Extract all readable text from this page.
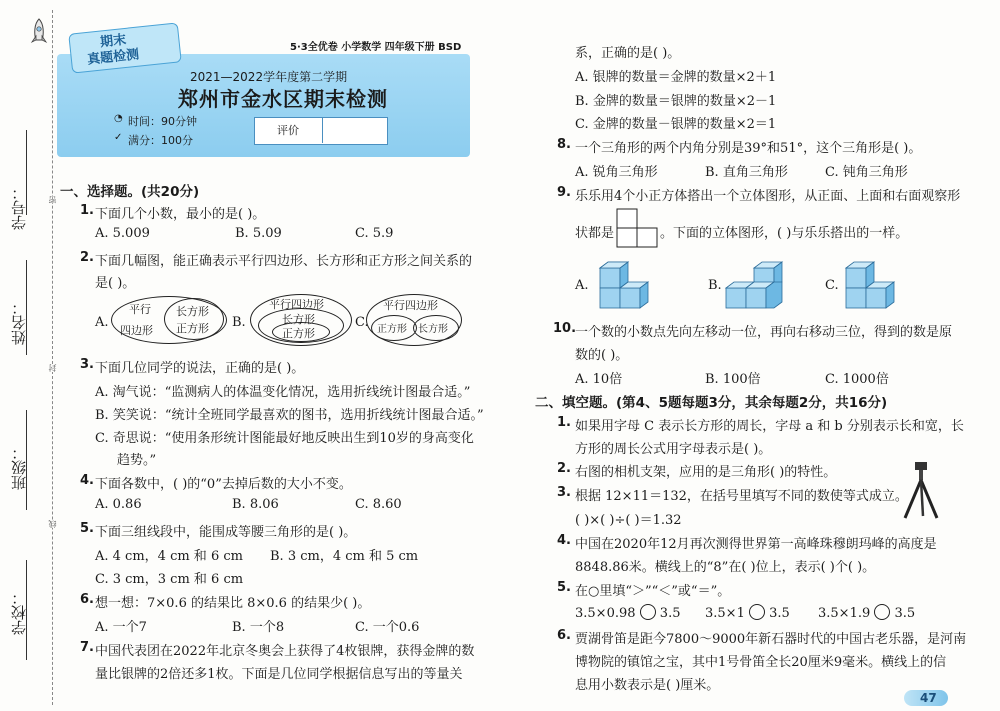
学校：
班级：
姓名：
学号：	密
封
线
5·3全优卷 小学数学 四年级下册 BSD
期末
真题检测
2021—2022学年度第二学期
郑州市金水区期末检测
◔ 时间：90分钟
✓ 满分：100分
评价
一、选择题。(共20分)
1. 下面几个小数，最小的是( )。
A. 5.009	B. 5.09	C. 5.9
2. 下面几幅图，能正确表示平行四边形、长方形和正方形之间关系的
是( )。
A.
平行
四边形
长方形
正方形 B.
平行四边形
长方形
正方形
C.
平行四边形
正方形 长方形
3. 下面几位同学的说法，正确的是( )。
A. 淘气说：“监测病人的体温变化情况，选用折线统计图最合适。”
B. 笑笑说：“统计全班同学最喜欢的图书，选用折线统计图最合适。”
C. 奇思说：“使用条形统计图能最好地反映出生到10岁的身高变化
趋势。”
4. 下面各数中，( )的“0”去掉后数的大小不变。
A. 0.86	B. 8.06	C. 8.60
5. 下面三组线段中，能围成等腰三角形的是( )。
A. 4 cm，4 cm 和 6 cm B. 3 cm，4 cm 和 5 cm
C. 3 cm，3 cm 和 6 cm
6. 想一想：7×0.6 的结果比 8×0.6 的结果少( )。
A. 一个7	B. 一个8	C. 一个0.6
7. 中国代表团在2022年北京冬奥会上获得了4枚银牌，获得金牌的数
量比银牌的2倍还多1枚。下面是几位同学根据信息写出的等量关
系，正确的是( )。
A. 银牌的数量＝金牌的数量×2＋1
B. 金牌的数量＝银牌的数量×2－1
C. 金牌的数量－银牌的数量×2＝1
8. 一个三角形的两个内角分别是39°和51°，这个三角形是( )。
A. 锐角三角形	B. 直角三角形	C. 钝角三角形
9. 乐乐用4个小正方体搭出一个立体图形，从正面、上面和右面观察形
状都是	。下面的立体图形，( )与乐乐搭出的一样。
A.	B.	C.
10.
一个数的小数点先向左移动一位，再向右移动三位，得到的数是原
数的( )。
A. 10倍	B. 100倍	C. 1000倍
二、填空题。(第4、5题每题3分，其余每题2分，共16分)
1. 如果用字母 C 表示长方形的周长，字母 a 和 b 分别表示长和宽，长
方形的周长公式用字母表示是( )。
2. 右图的相机支架，应用的是三角形( )的特性。
3. 根据 12×11＝132，在括号里填写不同的数使等式成立。
( )×( )÷( )＝1.32
4. 中国在2020年12月再次测得世界第一高峰珠穆朗玛峰的高度是
8848.86米。横线上的“8”在( )位上，表示( )个( )。
5. 在○里填“＞”“＜”或“＝”。
3.5×0.98 3.5 3.5×1 3.5 3.5×1.9 3.5
6. 贾湖骨笛是距今7800～9000年新石器时代的中国古老乐器，是河南
博物院的镇馆之宝，其中1号骨笛全长20厘米9毫米。横线上的信
息用小数表示是( )厘米。
47
